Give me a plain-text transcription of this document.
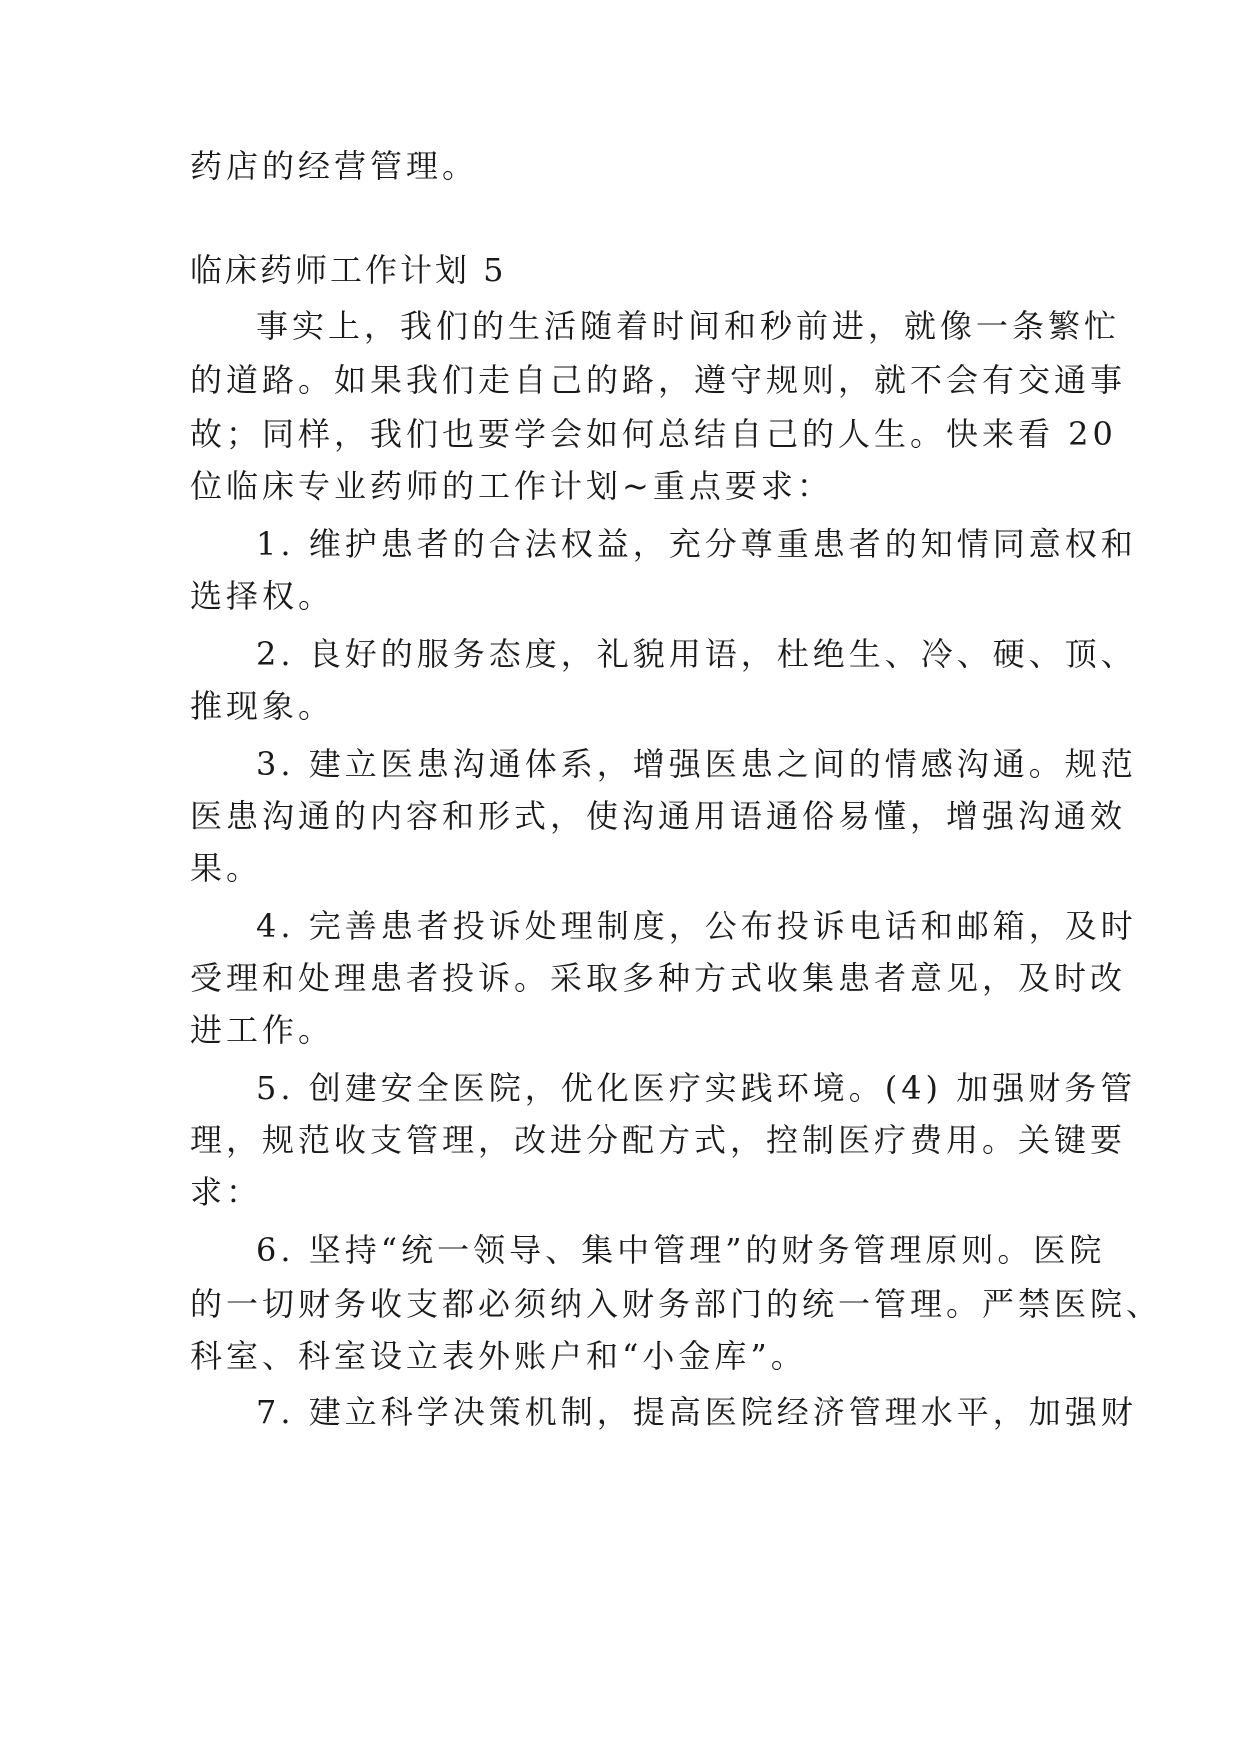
药店的经营管理。
临床药师工作计划 5
事实上，我们的生活随着时间和秒前进，就像一条繁忙
的道路。如果我们走自己的路，遵守规则，就不会有交通事
故；同样，我们也要学会如何总结自己的人生。快来看 20
位临床专业药师的工作计划~重点要求：
1. 维护患者的合法权益，充分尊重患者的知情同意权和
选择权。
2. 良好的服务态度，礼貌用语，杜绝生、冷、硬、顶、
推现象。
3. 建立医患沟通体系，增强医患之间的情感沟通。规范
医患沟通的内容和形式，使沟通用语通俗易懂，增强沟通效
果。
4. 完善患者投诉处理制度，公布投诉电话和邮箱，及时
受理和处理患者投诉。采取多种方式收集患者意见，及时改
进工作。
5. 创建安全医院，优化医疗实践环境。(4) 加强财务管
理，规范收支管理，改进分配方式，控制医疗费用。关键要
求：
6. 坚持“统一领导、集中管理”的财务管理原则。医院
的一切财务收支都必须纳入财务部门的统一管理。严禁医院、
科室、科室设立表外账户和“小金库”。
7. 建立科学决策机制，提高医院经济管理水平，加强财
